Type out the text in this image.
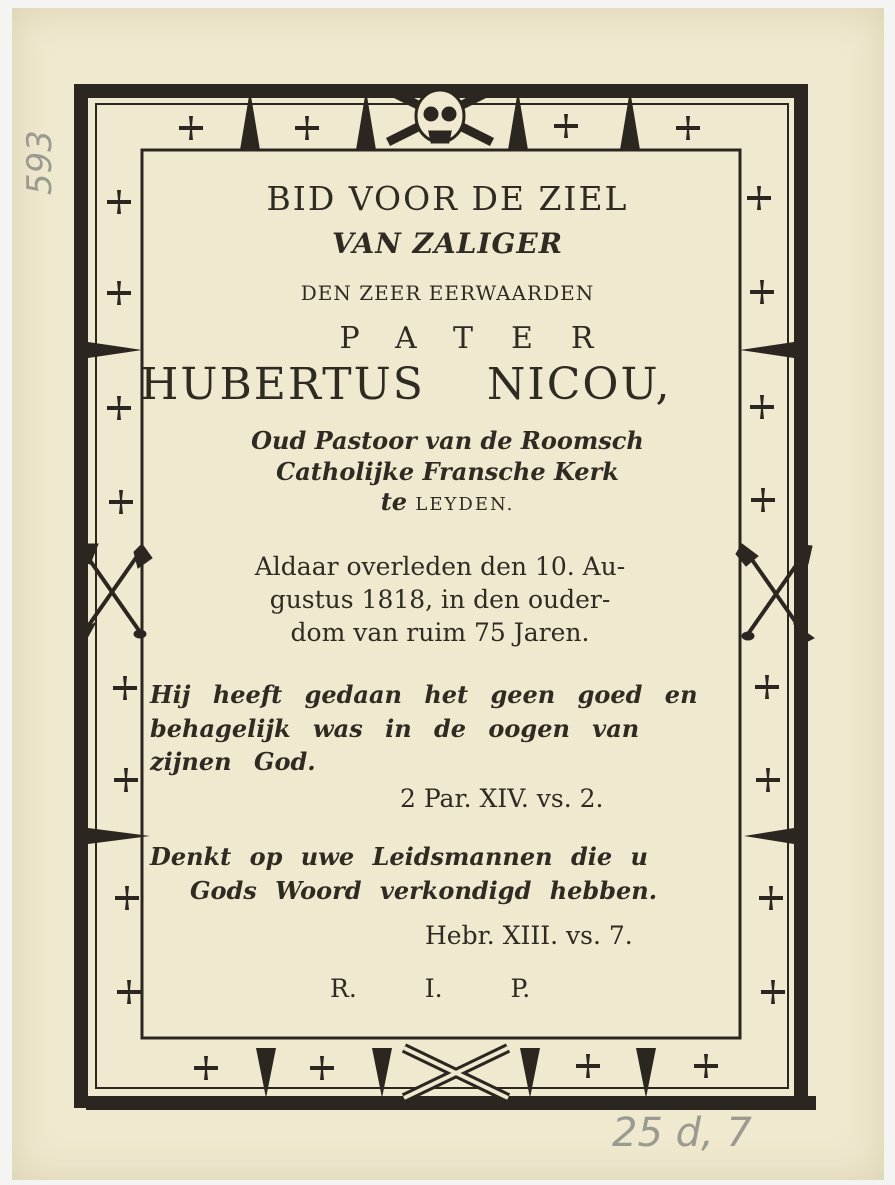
593
25 d, 7

BID VOOR DE ZIEL

VAN ZALIGER

DEN ZEER EERWAARDEN

PATER

HUBERTUS NICOU,

Oud Pastoor van de Roomsch
Catholijke Fransche Kerk
te LEYDEN.
Aldaar overleden den 10. Au-
gustus 1818, in den ouder-
dom van ruim 75 Jaren.
Hij heeft gedaan het geen goed en
behagelijk was in de oogen van
zijnen God.

2 Par. XIV. vs. 2.

Denkt op uwe Leidsmannen die u
Gods Woord verkondigd hebben.

Hebr. XIII. vs. 7.

R. I. P.
